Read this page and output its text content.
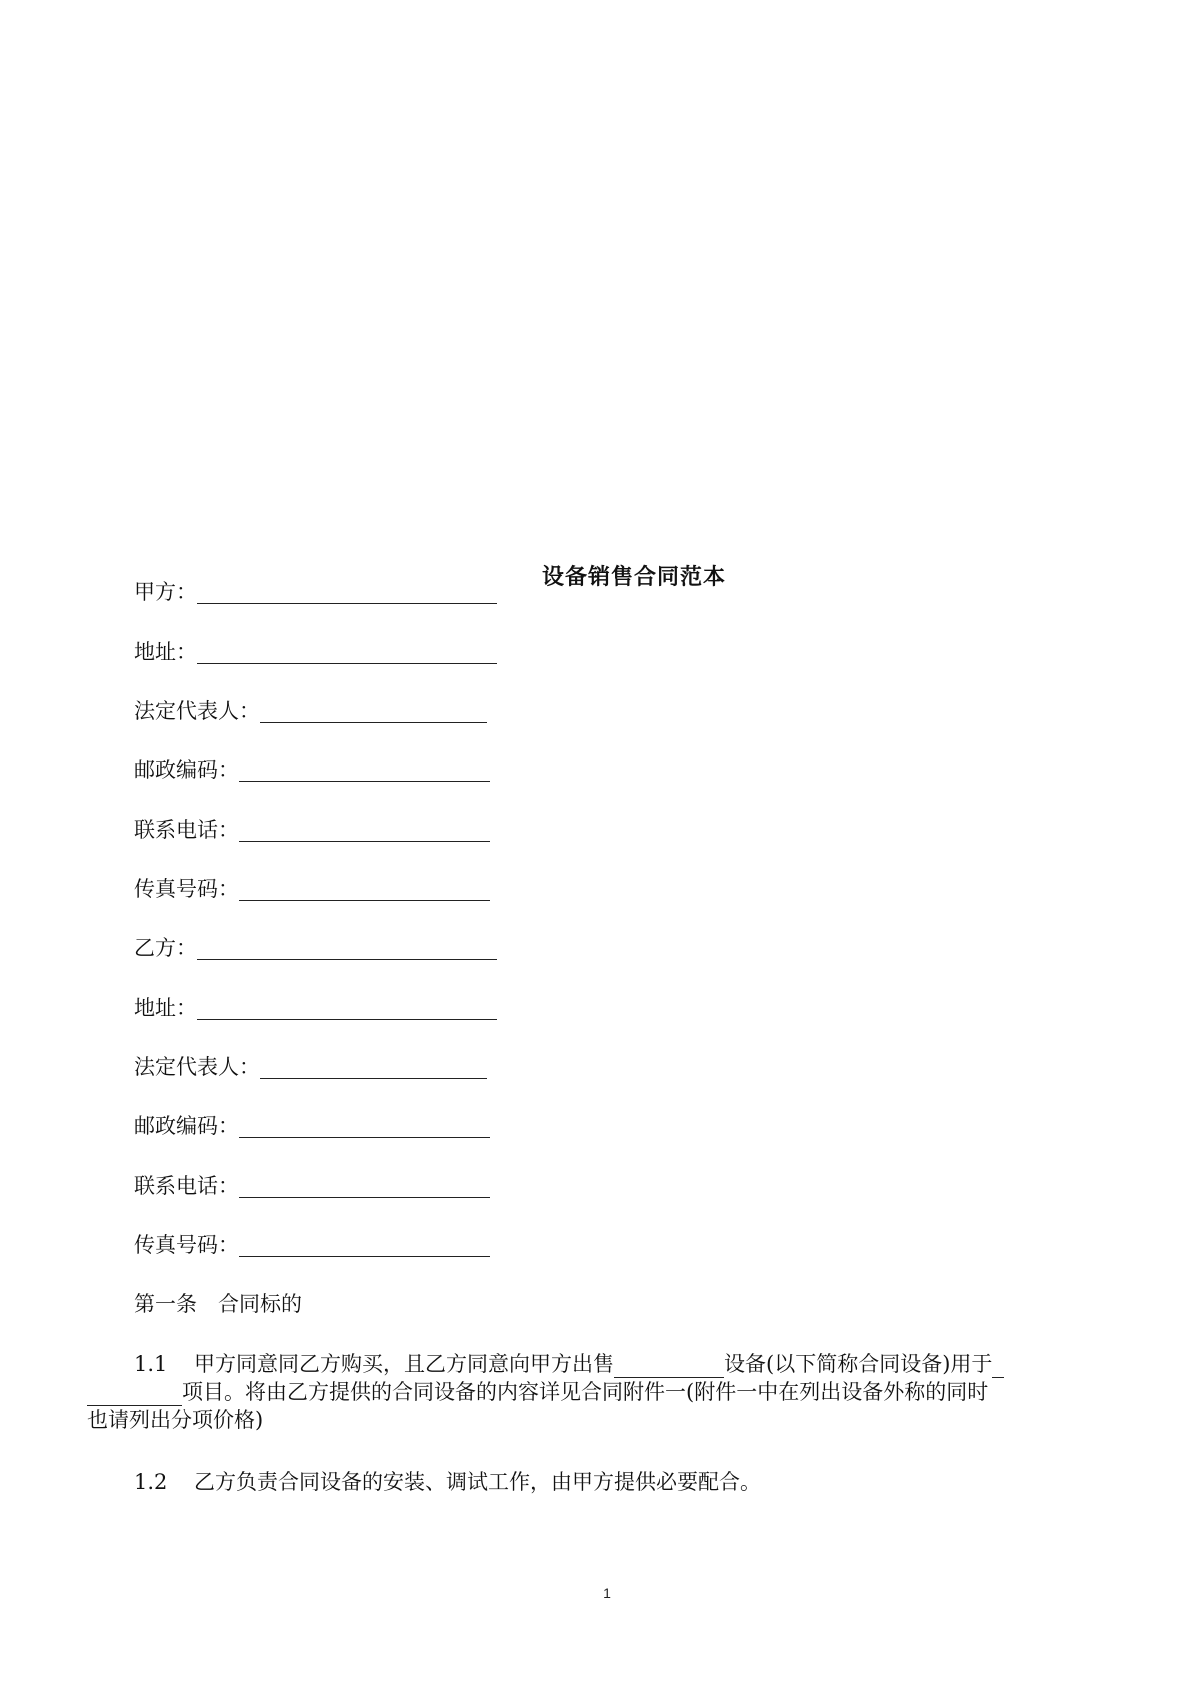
设备销售合同范本
甲方：
地址：
法定代表人：
邮政编码：
联系电话：
传真号码：
乙方：
地址：
法定代表人：
邮政编码：
联系电话：
传真号码：
第一条　合同标的
1.1 甲方同意同乙方购买，且乙方同意向甲方出售	设备(以下简称合同设备)用于
项目。将由乙方提供的合同设备的内容详见合同附件一(附件一中在列出设备外称的同时
也请列出分项价格)
1.2 乙方负责合同设备的安装、调试工作，由甲方提供必要配合。
1
